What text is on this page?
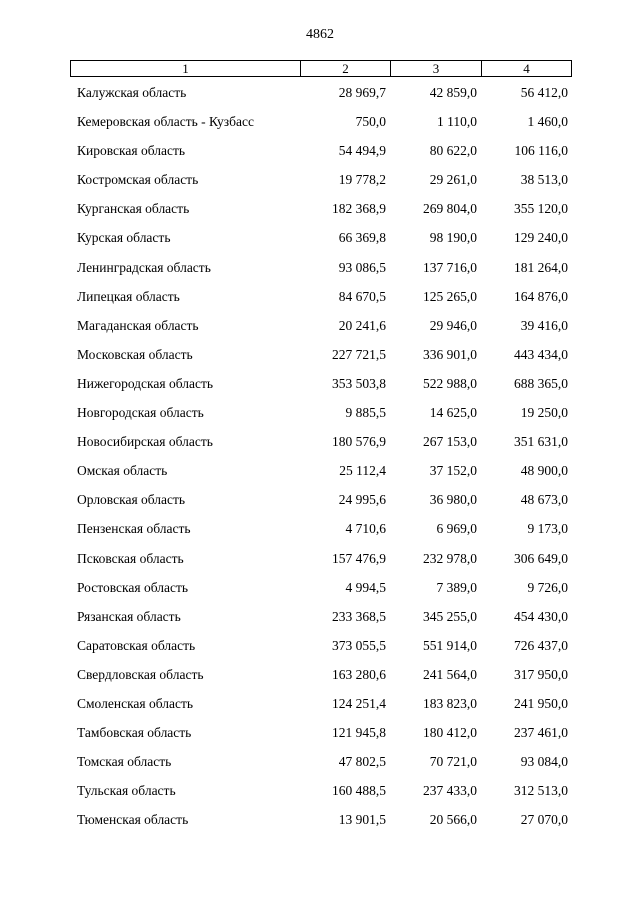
4862
1	2	3	4
Калужская область	28 969,7	42 859,0	56 412,0
Кемеровская область - Кузбасс	750,0	1 110,0	1 460,0
Кировская область	54 494,9	80 622,0	106 116,0
Костромская область	19 778,2	29 261,0	38 513,0
Курганская область	182 368,9	269 804,0	355 120,0
Курская область	66 369,8	98 190,0	129 240,0
Ленинградская область	93 086,5	137 716,0	181 264,0
Липецкая область	84 670,5	125 265,0	164 876,0
Магаданская область	20 241,6	29 946,0	39 416,0
Московская область	227 721,5	336 901,0	443 434,0
Нижегородская область	353 503,8	522 988,0	688 365,0
Новгородская область	9 885,5	14 625,0	19 250,0
Новосибирская область	180 576,9	267 153,0	351 631,0
Омская область	25 112,4	37 152,0	48 900,0
Орловская область	24 995,6	36 980,0	48 673,0
Пензенская область	4 710,6	6 969,0	9 173,0
Псковская область	157 476,9	232 978,0	306 649,0
Ростовская область	4 994,5	7 389,0	9 726,0
Рязанская область	233 368,5	345 255,0	454 430,0
Саратовская область	373 055,5	551 914,0	726 437,0
Свердловская область	163 280,6	241 564,0	317 950,0
Смоленская область	124 251,4	183 823,0	241 950,0
Тамбовская область	121 945,8	180 412,0	237 461,0
Томская область	47 802,5	70 721,0	93 084,0
Тульская область	160 488,5	237 433,0	312 513,0
Тюменская область	13 901,5	20 566,0	27 070,0
